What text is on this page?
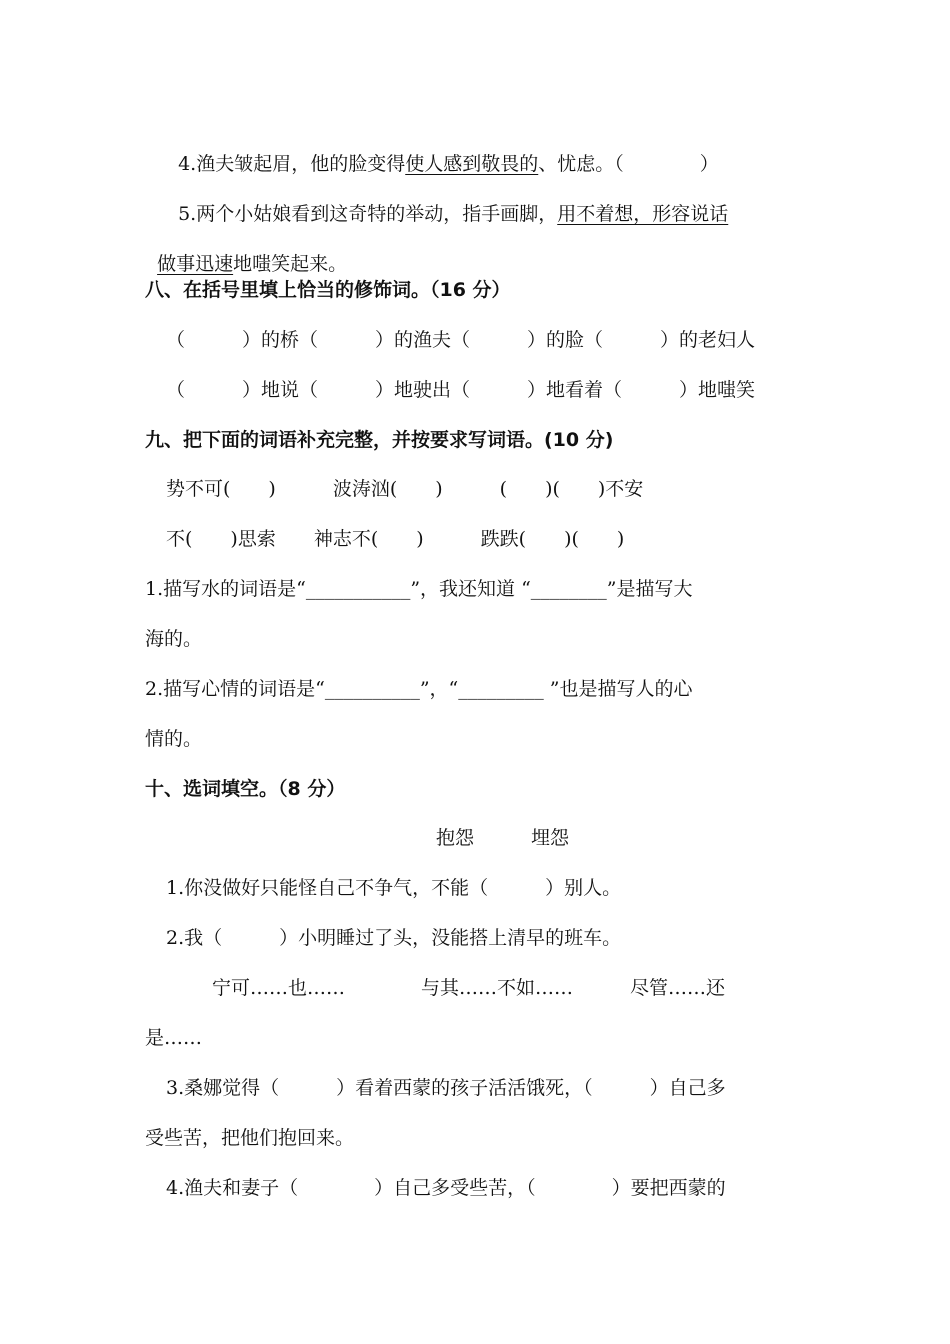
4.渔夫皱起眉，他的脸变得使人感到敬畏的、忧虑。（　　　　）

5.两个小姑娘看到这奇特的举动，指手画脚，用不着想，形容说话

做事迅速地嗤笑起来。

八、在括号里填上恰当的修饰词。（16 分）
（　　　）的桥（　　　）的渔夫（　　　）的脸（　　　）的老妇人
（　　　）地说（　　　）地驶出（　　　）地看着（　　　）地嗤笑
九、把下面的词语补充完整，并按要求写词语。(10 分)
势不可(　　)　　　波涛汹(　　)　　　(　　)(　　)不安
不(　　)思索　　神志不(　　)　　　跌跌(　　)(　　)
1.描写水的词语是“___________”，我还知道 “________”是描写大
海的。
2.描写心情的词语是“__________”，“_________ ”也是描写人的心
情的。
十、选词填空。（8 分）
抱怨　　　埋怨
1.你没做好只能怪自己不争气，不能（　　　）别人。
2.我（　　　）小明睡过了头，没能搭上清早的班车。
宁可……也……　　　　与其……不如……　　　尽管……还
是……
3.桑娜觉得（　　　）看着西蒙的孩子活活饿死，（　　　）自己多
受些苦，把他们抱回来。
4.渔夫和妻子（　　　　）自己多受些苦，（　　　　）要把西蒙的
